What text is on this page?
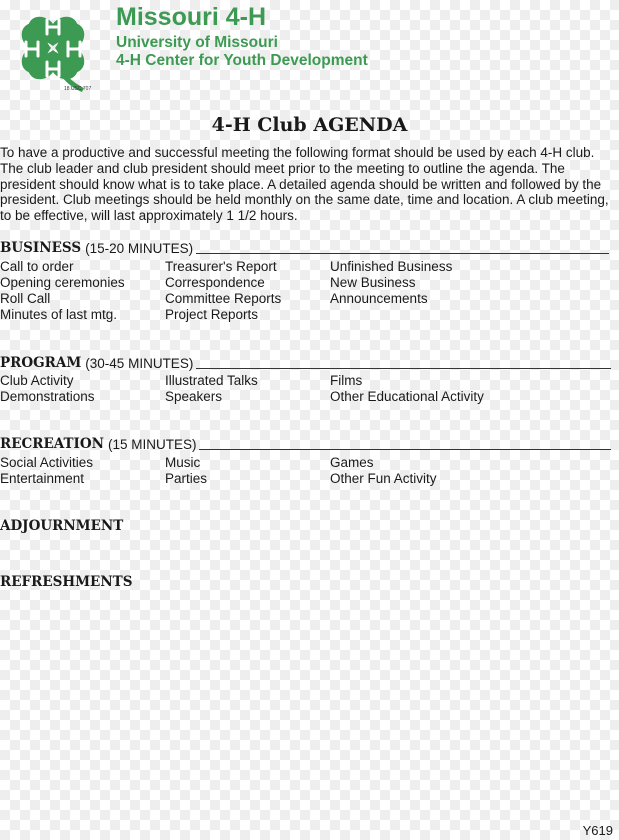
18 USC 707
Missouri 4-H
University of Missouri
4-H Center for Youth Development
4-H Club AGENDA

To have a productive and successful meeting the following format should be used by each 4-H club. The club leader and club president should meet prior to the meeting to outline the agenda. The president should know what is to take place. A detailed agenda should be written and followed by the president. Club meetings should be held monthly on the same date, time and location. A club meeting, to be effective, will last approximately 1 1/2 hours.

BUSINESS (15-20 MINUTES)
Call to order
Opening ceremonies
Roll Call
Minutes of last mtg.
Treasurer's Report
Correspondence
Committee Reports
Project Reports
Unfinished Business
New Business
Announcements
PROGRAM (30-45 MINUTES)
Club Activity
Demonstrations
Illustrated Talks
Speakers
Films
Other Educational Activity
RECREATION (15 MINUTES)
Social Activities
Entertainment
Music
Parties
Games
Other Fun Activity
ADJOURNMENT
REFRESHMENTS
Y619
